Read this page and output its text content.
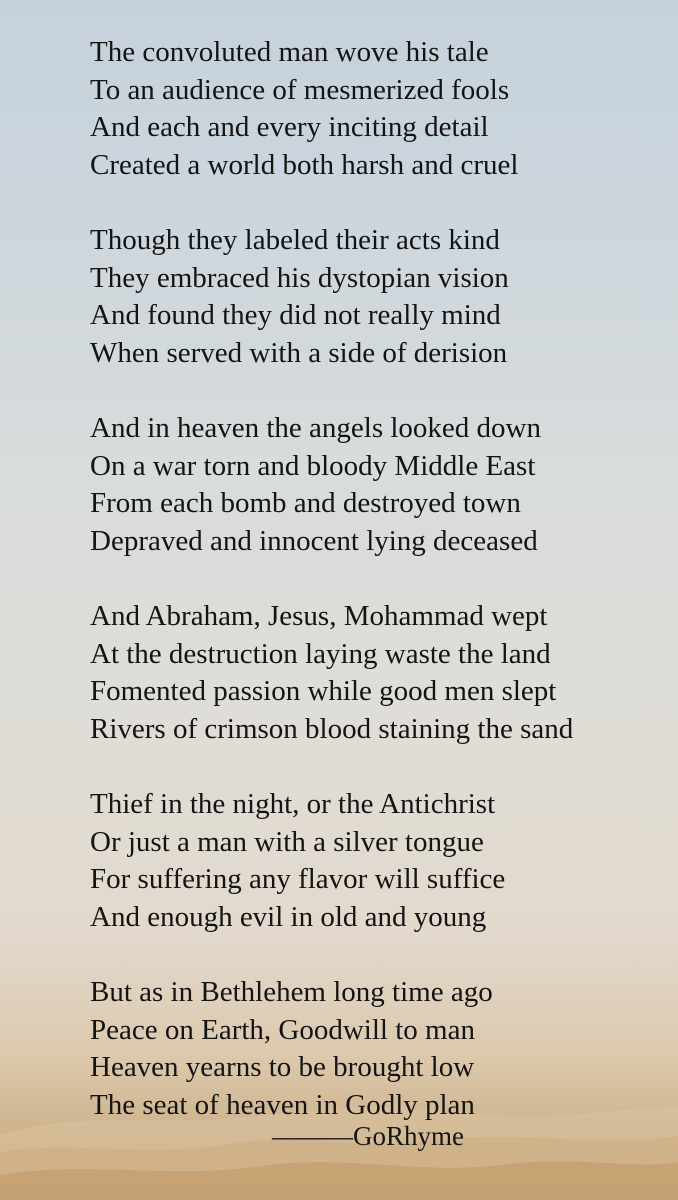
The convoluted man wove his tale
To an audience of mesmerized fools
And each and every inciting detail
Created a world both harsh and cruel
Though they labeled their acts kind
They embraced his dystopian vision
And found they did not really mind
When served with a side of derision
And in heaven the angels looked down
On a war torn and bloody Middle East
From each bomb and destroyed town
Depraved and innocent lying deceased
And Abraham, Jesus, Mohammad wept
At the destruction laying waste the land
Fomented passion while good men slept
Rivers of crimson blood staining the sand
Thief in the night, or the Antichrist
Or just a man with a silver tongue
For suffering any flavor will suffice
And enough evil in old and young
But as in Bethlehem long time ago
Peace on Earth, Goodwill to man
Heaven yearns to be brought low
The seat of heaven in Godly plan
———GoRhyme
